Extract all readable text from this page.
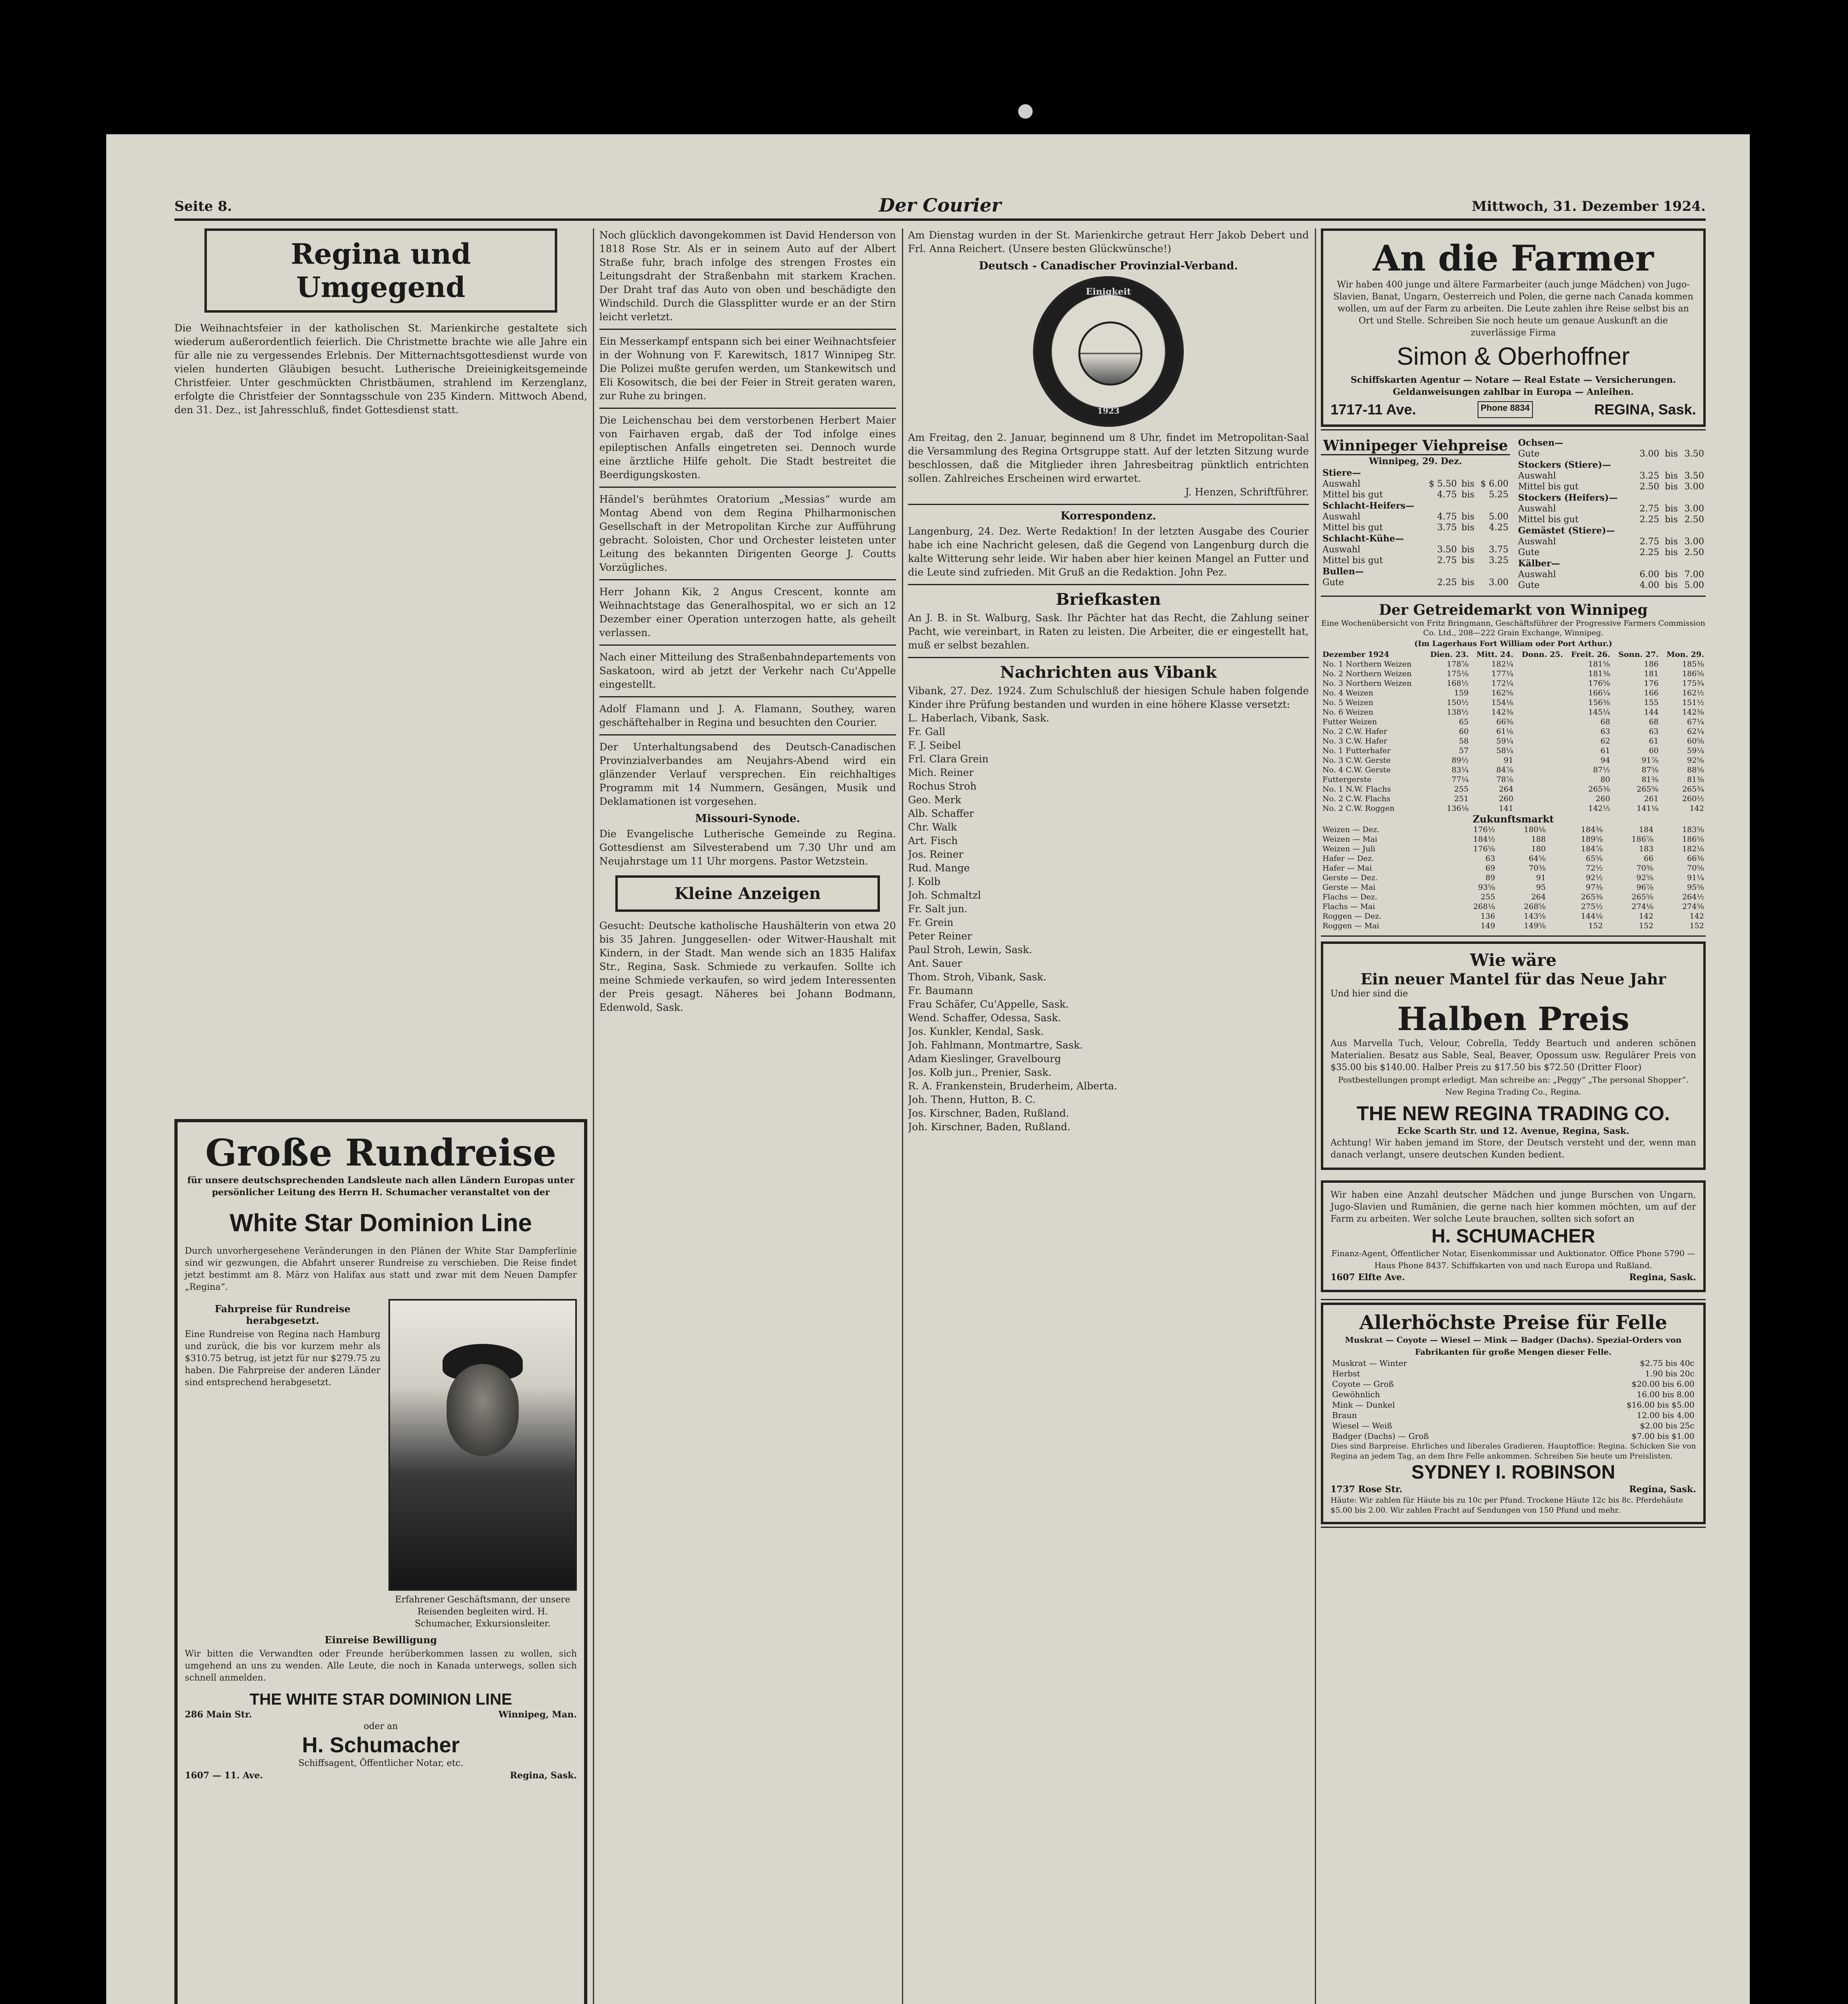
Seite 8.	Der Courier	Mittwoch, 31. Dezember 1924.
Regina und Umgegend

Die Weihnachtsfeier in der katholischen St. Marienkirche gestaltete sich wiederum außerordentlich feierlich. Die Christmette brachte wie alle Jahre ein für alle nie zu vergessendes Erlebnis. Der Mitternachtsgottesdienst wurde von vielen hunderten Gläubigen besucht. Lutherische Dreieinigkeitsgemeinde Christfeier. Unter geschmückten Christbäumen, strahlend im Kerzenglanz, erfolgte die Christfeier der Sonntagsschule von 235 Kindern. Mittwoch Abend, den 31. Dez., ist Jahresschluß, findet Gottesdienst statt.

Große Rundreise
für unsere deutschsprechenden Landsleute nach allen Ländern Europas unter persönlicher Leitung des Herrn H. Schumacher veranstaltet von der
White Star Dominion Line

Durch unvorhergesehene Veränderungen in den Plänen der White Star Dampferlinie sind wir gezwungen, die Abfahrt unserer Rundreise zu verschieben. Die Reise findet jetzt bestimmt am 8. März von Halifax aus statt und zwar mit dem Neuen Dampfer „Regina“.

Fahrpreise für Rundreise herabgesetzt.

Eine Rundreise von Regina nach Hamburg und zurück, die bis vor kurzem mehr als $310.75 betrug, ist jetzt für nur $279.75 zu haben. Die Fahrpreise der anderen Länder sind entsprechend herabgesetzt.

Erfahrener Geschäftsmann, der unsere Reisenden begleiten wird. H. Schumacher, Exkursionsleiter.
Einreise Bewilligung

Wir bitten die Verwandten oder Freunde herüberkommen lassen zu wollen, sich umgehend an uns zu wenden. Alle Leute, die noch in Kanada unterwegs, sollen sich schnell anmelden.

THE WHITE STAR DOMINION LINE
286 Main Str.	Winnipeg, Man.
oder an
H. Schumacher
Schiffsagent, Öffentlicher Notar, etc.
1607 — 11. Ave.	Regina, Sask.

Noch glücklich davongekommen ist David Henderson von 1818 Rose Str. Als er in seinem Auto auf der Albert Straße fuhr, brach infolge des strengen Frostes ein Leitungsdraht der Straßenbahn mit starkem Krachen. Der Draht traf das Auto von oben und beschädigte den Windschild. Durch die Glassplitter wurde er an der Stirn leicht verletzt.

Ein Messerkampf entspann sich bei einer Weihnachtsfeier in der Wohnung von F. Karewitsch, 1817 Winnipeg Str. Die Polizei mußte gerufen werden, um Stankewitsch und Eli Kosowitsch, die bei der Feier in Streit geraten waren, zur Ruhe zu bringen.

Die Leichenschau bei dem verstorbenen Herbert Maier von Fairhaven ergab, daß der Tod infolge eines epileptischen Anfalls eingetreten sei. Dennoch wurde eine ärztliche Hilfe geholt. Die Stadt bestreitet die Beerdigungskosten.

Händel's berühmtes Oratorium „Messias“ wurde am Montag Abend von dem Regina Philharmonischen Gesellschaft in der Metropolitan Kirche zur Aufführung gebracht. Soloisten, Chor und Orchester leisteten unter Leitung des bekannten Dirigenten George J. Coutts Vorzügliches.

Herr Johann Kik, 2 Angus Crescent, konnte am Weihnachtstage das Generalhospital, wo er sich an 12 Dezember einer Operation unterzogen hatte, als geheilt verlassen.

Nach einer Mitteilung des Straßenbahndepartements von Saskatoon, wird ab jetzt der Verkehr nach Cu'Appelle eingestellt.

Adolf Flamann und J. A. Flamann, Southey, waren geschäftehalber in Regina und besuchten den Courier.

Der Unterhaltungsabend des Deutsch-Canadischen Provinzialverbandes am Neujahrs-Abend wird ein glänzender Verlauf versprechen. Ein reichhaltiges Programm mit 14 Nummern, Gesängen, Musik und Deklamationen ist vorgesehen.

Missouri-Synode.

Die Evangelische Lutherische Gemeinde zu Regina. Gottesdienst am Silvesterabend um 7.30 Uhr und am Neujahrstage um 11 Uhr morgens. Pastor Wetzstein.

Kleine Anzeigen

Gesucht: Deutsche katholische Haushälterin von etwa 20 bis 35 Jahren. Junggesellen- oder Witwer-Haushalt mit Kindern, in der Stadt. Man wende sich an 1835 Halifax Str., Regina, Sask. Schmiede zu verkaufen. Sollte ich meine Schmiede verkaufen, so wird jedem Interessenten der Preis gesagt. Näheres bei Johann Bodmann, Edenwold, Sask.

Am Dienstag wurden in der St. Marienkirche getraut Herr Jakob Debert und Frl. Anna Reichert. (Unsere besten Glückwünsche!)

Deutsch - Canadischer Provinzial-Verband.
Einigkeit
1923

Am Freitag, den 2. Januar, beginnend um 8 Uhr, findet im Metropolitan-Saal die Versammlung des Regina Ortsgruppe statt. Auf der letzten Sitzung wurde beschlossen, daß die Mitglieder ihren Jahresbeitrag pünktlich entrichten sollen. Zahlreiches Erscheinen wird erwartet.

J. Henzen, Schriftführer.
Korrespondenz.

Langenburg, 24. Dez. Werte Redaktion! In der letzten Ausgabe des Courier habe ich eine Nachricht gelesen, daß die Gegend von Langenburg durch die kalte Witterung sehr leide. Wir haben aber hier keinen Mangel an Futter und die Leute sind zufrieden. Mit Gruß an die Redaktion. John Pez.

Briefkasten

An J. B. in St. Walburg, Sask. Ihr Pächter hat das Recht, die Zahlung seiner Pacht, wie vereinbart, in Raten zu leisten. Die Arbeiter, die er eingestellt hat, muß er selbst bezahlen.

Nachrichten aus Vibank

Vibank, 27. Dez. 1924. Zum Schulschluß der hiesigen Schule haben folgende Kinder ihre Prüfung bestanden und wurden in eine höhere Klasse versetzt:

L. Haberlach, Vibank, Sask.
Fr. Gall
F. J. Seibel
Frl. Clara Grein
Mich. Reiner
Rochus Stroh
Geo. Merk
Alb. Schaffer
Chr. Walk
Art. Fisch
Jos. Reiner
Rud. Mange
J. Kolb
Joh. Schmaltzl
Fr. Salt jun.
Fr. Grein
Peter Reiner
Paul Stroh, Lewin, Sask.
Ant. Sauer
Thom. Stroh, Vibank, Sask.
Fr. Baumann
Frau Schäfer, Cu'Appelle, Sask.
Wend. Schaffer, Odessa, Sask.
Jos. Kunkler, Kendal, Sask.
Joh. Fahlmann, Montmartre, Sask.
Adam Kieslinger, Gravelbourg
Jos. Kolb jun., Prenier, Sask.
R. A. Frankenstein, Bruderheim, Alberta.
Joh. Thenn, Hutton, B. C.
Jos. Kirschner, Baden, Rußland.
Joh. Kirschner, Baden, Rußland.
An die Farmer

Wir haben 400 junge und ältere Farmarbeiter (auch junge Mädchen) von Jugo-Slavien, Banat, Ungarn, Oesterreich und Polen, die gerne nach Canada kommen wollen, um auf der Farm zu arbeiten. Die Leute zahlen ihre Reise selbst bis an Ort und Stelle. Schreiben Sie noch heute um genaue Auskunft an die zuverlässige Firma

Simon & Oberhoffner
Schiffskarten Agentur — Notare — Real Estate — Versicherungen. Geldanweisungen zahlbar in Europa — Anleihen.
1717-11 Ave.	Phone 8834	REGINA, Sask.
Winnipeger Viehpreise
Winnipeg, 29. Dez.
Stiere—			
Auswahl	$ 5.50	bis	$ 6.00
Mittel bis gut	4.75	bis	5.25
Schlacht-Heifers—			
Auswahl	4.75	bis	5.00
Mittel bis gut	3.75	bis	4.25
Schlacht-Kühe—			
Auswahl	3.50	bis	3.75
Mittel bis gut	2.75	bis	3.25
Bullen—			
Gute	2.25	bis	3.00
Ochsen—			
Gute	3.00	bis	3.50
Stockers (Stiere)—			
Auswahl	3.25	bis	3.50
Mittel bis gut	2.50	bis	3.00
Stockers (Heifers)—			
Auswahl	2.75	bis	3.00
Mittel bis gut	2.25	bis	2.50
Gemästet (Stiere)—			
Auswahl	2.75	bis	3.00
Gute	2.25	bis	2.50
Kälber—			
Auswahl	6.00	bis	7.00
Gute	4.00	bis	5.00
Der Getreidemarkt von Winnipeg
Eine Wochenübersicht von Fritz Bringmann, Geschäftsführer der Progressive Farmers Commission Co. Ltd., 208—222 Grain Exchange, Winnipeg.
(Im Lagerhaus Fort William oder Port Arthur.)
Dezember 1924	Dien. 23.	Mitt. 24.	Donn. 25.	Freit. 26.	Sonn. 27.	Mon. 29.
No. 1 Northern Weizen	178⅞	182¼		181⅝	186	185⅜
No. 2 Northern Weizen	175⅛	177¼		181⅜	181	186⅝
No. 3 Northern Weizen	168½	172¼		176⅝	176	175¾
No. 4 Weizen	159	162⅝		166¼	166	162½
No. 5 Weizen	150½	154⅛		156⅜	155	151½
No. 6 Weizen	138½	142⅜		145¼	144	142⅜
Futter Weizen	65	66⅜		68	68	67¼
No. 2 C.W. Hafer	60	61⅛		63	63	62¼
No. 3 C.W. Hafer	58	59¼		62	61	60⅝
No. 1 Futterhafer	57	58¼		61	60	59¼
No. 3 C.W. Gerste	89½	91		94	91⅞	92⅝
No. 4 C.W. Gerste	83¼	84⅞		87½	87⅝	88⅝
Futtergerste	77¼	78⅞		80	81⅜	81⅜
No. 1 N.W. Flachs	255	264		265⅜	265⅝	265¾
No. 2 C.W. Flachs	251	260		260	261	260½
No. 2 C.W. Roggen	136⅛	141		142½	141⅛	142
Zukunftsmarkt
Weizen — Dez.	176½	180⅛		184⅜	184	183⅝
Weizen — Mai	184½	188		189⅝	186⅞	186⅝
Weizen — Juli	176⅝	180		184⅞	183	182⅛
Hafer — Dez.	63	64⅝		65⅝	66	66⅜
Hafer — Mai	69	70⅜		72½	70⅜	70⅝
Gerste — Dez.	89	91		92½	92⅝	91¼
Gerste — Mai	93⅝	95		97⅜	96⅞	95⅝
Flachs — Dez.	255	264		265⅜	265⅝	264½
Flachs — Mai	268⅛	268⅝		275½	274⅛	274⅝
Roggen — Dez.	136	143⅝		144⅛	142	142
Roggen — Mai	149	149⅝		152	152	152
Wie wäre
Ein neuer Mantel für das Neue Jahr
Und hier sind die
Halben Preis

Aus Marvella Tuch, Velour, Cobrella, Teddy Beartuch und anderen schönen Materialien. Besatz aus Sable, Seal, Beaver, Opossum usw. Regulärer Preis von $35.00 bis $140.00. Halber Preis zu $17.50 bis $72.50 (Dritter Floor)

Postbestellungen prompt erledigt. Man schreibe an: „Peggy“ „The personal Shopper“. New Regina Trading Co., Regina.
THE NEW REGINA TRADING CO.
Ecke Scarth Str. und 12. Avenue, Regina, Sask.

Achtung! Wir haben jemand im Store, der Deutsch versteht und der, wenn man danach verlangt, unsere deutschen Kunden bedient.

Wir haben eine Anzahl deutscher Mädchen und junge Burschen von Ungarn, Jugo-Slavien und Rumänien, die gerne nach hier kommen möchten, um auf der Farm zu arbeiten. Wer solche Leute brauchen, sollten sich sofort an

H. SCHUMACHER
Finanz-Agent, Öffentlicher Notar, Eisenkommissar und Auktionator. Office Phone 5790 — Haus Phone 8437. Schiffskarten von und nach Europa und Rußland.
1607 Elfte Ave.	Regina, Sask.
Allerhöchste Preise für Felle
Muskrat — Coyote — Wiesel — Mink — Badger (Dachs). Spezial-Orders von Fabrikanten für große Mengen dieser Felle.
Muskrat — Winter	$2.75 bis 40c
Herbst	1.90 bis 20c
Coyote — Groß	$20.00 bis 6.00
Gewöhnlich	16.00 bis 8.00
Mink — Dunkel	$16.00 bis $5.00
Braun	12.00 bis 4.00
Wiesel — Weiß	$2.00 bis 25c
Badger (Dachs) — Groß	$7.00 bis $1.00

Dies sind Barpreise. Ehrliches und liberales Gradieren. Hauptoffice: Regina. Schicken Sie von Regina an jedem Tag, an dem Ihre Felle ankommen. Schreiben Sie heute um Preislisten.

SYDNEY I. ROBINSON
1737 Rose Str.	Regina, Sask.
Häute: Wir zahlen für Häute bis zu 10c per Pfund. Trockene Häute 12c bis 8c. Pferdehäute $5.00 bis 2.00. Wir zahlen Fracht auf Sendungen von 150 Pfund und mehr.
